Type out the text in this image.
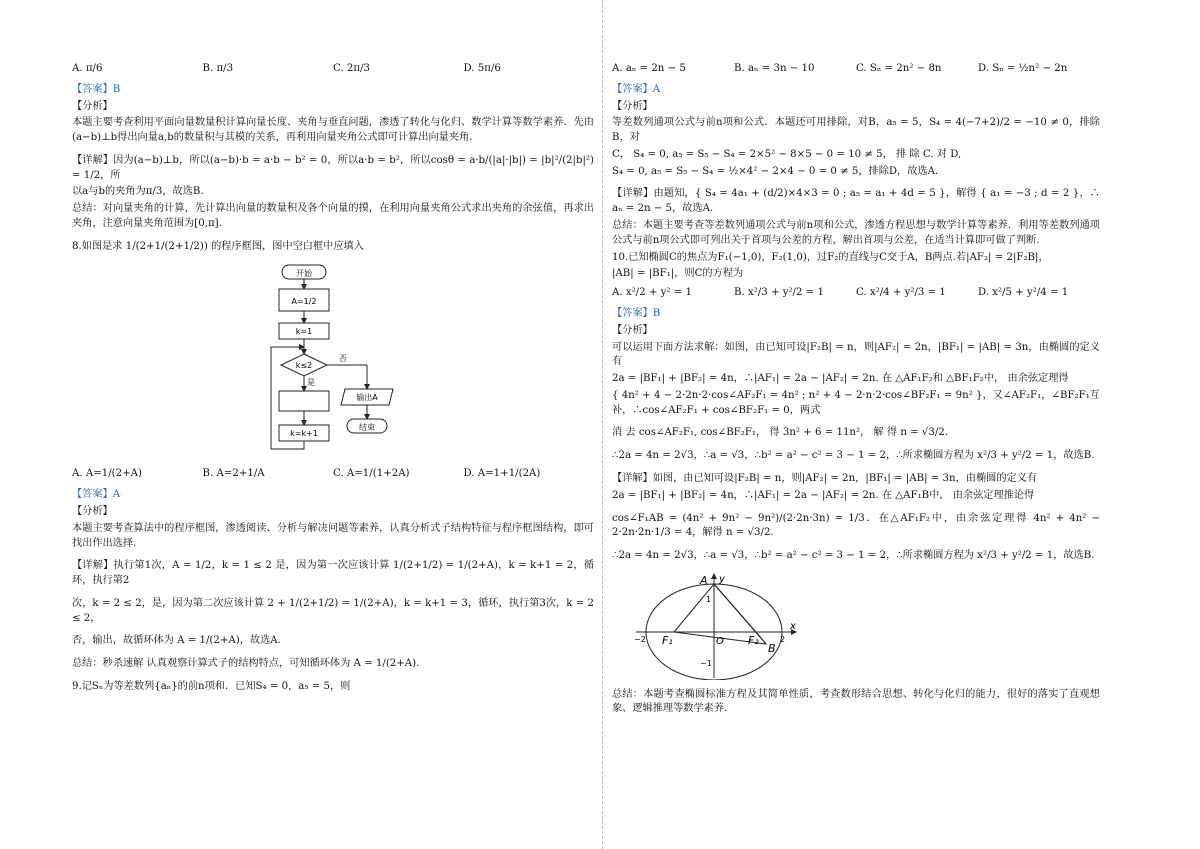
A. π/6	B. π/3	C. 2π/3	D. 5π/6

【答案】B

【分析】

本题主要考查利用平面向量数量积计算向量长度、夹角与垂直问题，渗透了转化与化归、数学计算等数学素养．先由(a−b)⊥b得出向量a,b的数量积与其模的关系，再利用向量夹角公式即可计算出向量夹角．

【详解】因为(a−b)⊥b，所以(a−b)·b = a·b − b² = 0，所以a·b = b²，所以cosθ = a·b/(|a|·|b|) = |b|²/(2|b|²) = 1/2，所

以a与b的夹角为π/3，故选B.

总结：对向量夹角的计算，先计算出向量的数量积及各个向量的摸，在利用向量夹角公式求出夹角的余弦值，再求出夹角，注意向量夹角范围为[0,π].

8.如图是求 1/(2+1/(2+1/2)) 的程序框图，图中空白框中应填入

开始
A=1/2
k=1
k≤2
否
是
输出A
结束
k=k+1
A. A=1/(2+A)	B. A=2+1/A	C. A=1/(1+2A)	D. A=1+1/(2A)

【答案】A

【分析】

本题主要考查算法中的程序框图，渗透阅读、分析与解决问题等素养，认真分析式子结构特征与程序框图结构，即可找出作出选择.

【详解】执行第1次，A = 1/2，k = 1 ≤ 2 是，因为第一次应该计算 1/(2+1/2) = 1/(2+A)，k = k+1 = 2，循环，执行第2

次，k = 2 ≤ 2，是，因为第二次应该计算 2 + 1/(2+1/2) = 1/(2+A)，k = k+1 = 3，循环，执行第3次，k = 2 ≤ 2，

否，输出，故循环体为 A = 1/(2+A)，故选A.

总结：秒杀速解 认真观察计算式子的结构特点，可知循环体为 A = 1/(2+A).

9.记Sₙ为等差数列{aₙ}的前n项和．已知S₄ = 0，a₅ = 5，则

A. aₙ = 2n − 5	B. aₙ = 3n − 10	C. Sₙ = 2n² − 8n	D. Sₙ = ½n² − 2n

【答案】A

【分析】

等差数列通项公式与前n项和公式．本题还可用排除，对B，a₅ = 5，S₄ = 4(−7+2)/2 = −10 ≠ 0，排除B，对

C， S₄ = 0, a₅ = S₅ − S₄ = 2×5² − 8×5 − 0 = 10 ≠ 5， 排 除 C. 对 D,

S₄ = 0, a₅ = S₅ − S₄ = ½×4² − 2×4 − 0 = 0 ≠ 5，排除D，故选A.

【详解】由题知，{ S₄ = 4a₁ + (d/2)×4×3 = 0 ; a₅ = a₁ + 4d = 5 }，解得 { a₁ = −3 ; d = 2 }，∴ aₙ = 2n − 5，故选A.

总结：本题主要考查等差数列通项公式与前n项和公式，渗透方程思想与数学计算等素养．利用等差数列通项公式与前n项公式即可列出关于首项与公差的方程，解出首项与公差，在适当计算即可做了判断.

10.已知椭圆C的焦点为F₁(−1,0)，F₂(1,0)，过F₂的直线与C交于A，B两点.若|AF₂| = 2|F₂B|，

|AB| = |BF₁|，则C的方程为

A. x²/2 + y² = 1	B. x²/3 + y²/2 = 1	C. x²/4 + y²/3 = 1	D. x²/5 + y²/4 = 1

【答案】B

【分析】

可以运用下面方法求解：如图，由已知可设|F₂B| = n，则|AF₂| = 2n，|BF₁| = |AB| = 3n，由椭圆的定义有

2a = |BF₁| + |BF₂| = 4n，∴|AF₁| = 2a − |AF₂| = 2n. 在 △AF₁F₂和 △BF₁F₂中， 由余弦定理得

{ 4n² + 4 − 2·2n·2·cos∠AF₂F₁ = 4n² ; n² + 4 − 2·n·2·cos∠BF₂F₁ = 9n² }，又∠AF₂F₁，∠BF₂F₁互补，∴cos∠AF₂F₁ + cos∠BF₂F₁ = 0，两式

消 去 cos∠AF₂F₁, cos∠BF₂F₁， 得 3n² + 6 = 11n²， 解 得 n = √3/2.

∴2a = 4n = 2√3，∴a = √3，∴b² = a² − c² = 3 − 1 = 2，∴所求椭圆方程为 x²/3 + y²/2 = 1，故选B.

【详解】如图，由已知可设|F₂B| = n，则|AF₂| = 2n，|BF₁| = |AB| = 3n，由椭圆的定义有

2a = |BF₁| + |BF₂| = 4n，∴|AF₁| = 2a − |AF₂| = 2n. 在 △AF₁B中， 由余弦定理推论得

cos∠F₁AB = (4n² + 9n² − 9n²)/(2·2n·3n) = 1/3．在△AF₁F₂中，由余弦定理得 4n² + 4n² − 2·2n·2n·1/3 = 4，解得 n = √3/2.

∴2a = 4n = 2√3，∴a = √3，∴b² = a² − c² = 3 − 1 = 2，∴所求椭圆方程为 x²/3 + y²/2 = 1，故选B.

y
x
O
1
−1
−2	2
A
B
F₁	F₂

总结：本题考查椭圆标准方程及其简单性质，考查数形结合思想、转化与化归的能力，很好的落实了直观想象、逻辑推理等数学素养.
